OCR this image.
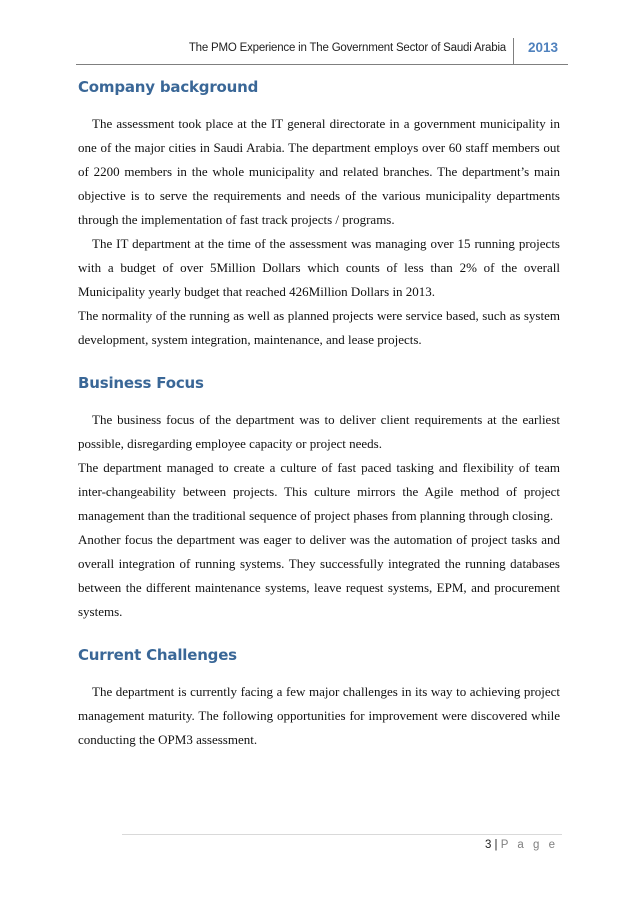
The PMO Experience in The Government Sector of Saudi Arabia 2013
Company background

The assessment took place at the IT general directorate in a government municipality in one of the major cities in Saudi Arabia. The department employs over 60 staff members out of 2200 members in the whole municipality and related branches. The department’s main objective is to serve the requirements and needs of the various municipality departments through the implementation of fast track projects / programs.

The IT department at the time of the assessment was managing over 15 running projects with a budget of over 5Million Dollars which counts of less than 2% of the overall Municipality yearly budget that reached 426Million Dollars in 2013.

The normality of the running as well as planned projects were service based, such as system development, system integration, maintenance, and lease projects.

Business Focus

The business focus of the department was to deliver client requirements at the earliest possible, disregarding employee capacity or project needs.

The department managed to create a culture of fast paced tasking and flexibility of team inter-changeability between projects. This culture mirrors the Agile method of project management than the traditional sequence of project phases from planning through closing.

Another focus the department was eager to deliver was the automation of project tasks and overall integration of running systems. They successfully integrated the running databases between the different maintenance systems, leave request systems, EPM, and procurement systems.

Current Challenges

The department is currently facing a few major challenges in its way to achieving project management maturity. The following opportunities for improvement were discovered while conducting the OPM3 assessment.

3 | P a g e
